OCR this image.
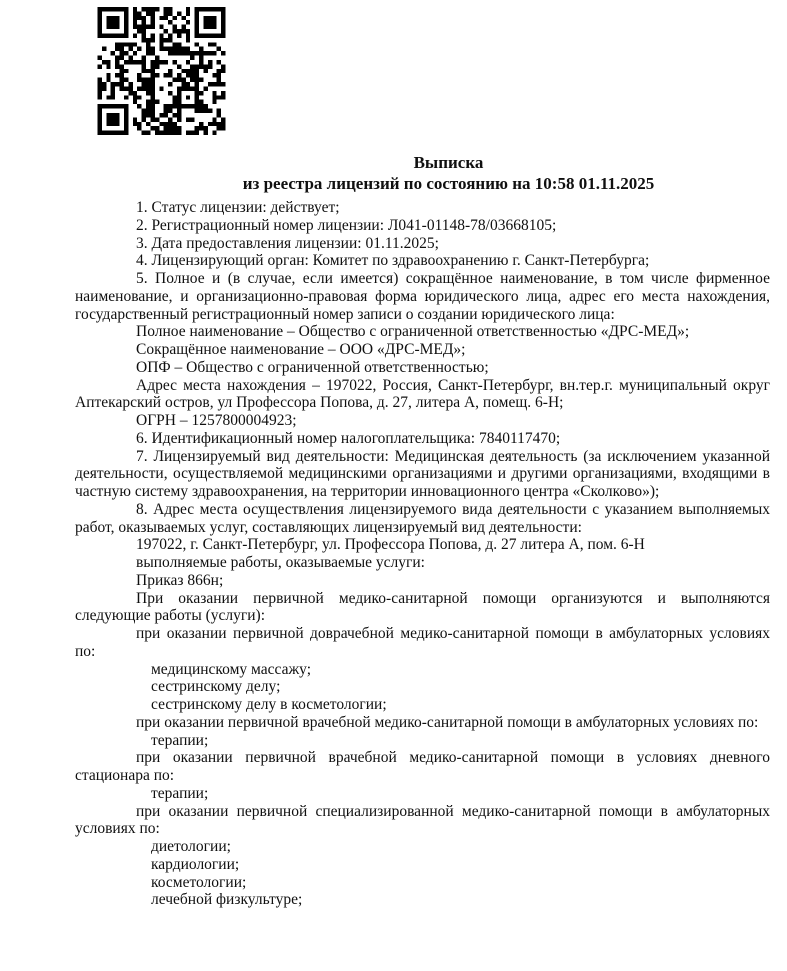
Выписка
из реестра лицензий по состоянию на 10:58 01.11.2025

1. Статус лицензии: действует;

2. Регистрационный номер лицензии: Л041-01148-78/03668105;

3. Дата предоставления лицензии: 01.11.2025;

4. Лицензирующий орган: Комитет по здравоохранению г. Санкт-Петербурга;

5. Полное и (в случае, если имеется) сокращённое наименование, в том числе фирменное наименование, и организационно-правовая форма юридического лица, адрес его места нахождения, государственный регистрационный номер записи о создании юридического лица:

Полное наименование – Общество с ограниченной ответственностью «ДРС-МЕД»;

Сокращённое наименование – ООО «ДРС-МЕД»;

ОПФ – Общество с ограниченной ответственностью;

Адрес места нахождения – 197022, Россия, Санкт-Петербург, вн.тер.г. муниципальный округ Аптекарский остров, ул Профессора Попова, д. 27, литера А, помещ. 6-Н;

ОГРН – 1257800004923;

6. Идентификационный номер налогоплательщика: 7840117470;

7. Лицензируемый вид деятельности: Медицинская деятельность (за исключением указанной деятельности, осуществляемой медицинскими организациями и другими организациями, входящими в частную систему здравоохранения, на территории инновационного центра «Сколково»);

8. Адрес места осуществления лицензируемого вида деятельности с указанием выполняемых работ, оказываемых услуг, составляющих лицензируемый вид деятельности:

197022, г. Санкт-Петербург, ул. Профессора Попова, д. 27 литера А, пом. 6-Н

выполняемые работы, оказываемые услуги:

Приказ 866н;

При оказании первичной медико-санитарной помощи организуются и выполняются следующие работы (услуги):

при оказании первичной доврачебной медико-санитарной помощи в амбулаторных условиях по:

медицинскому массажу;

сестринскому делу;

сестринскому делу в косметологии;

при оказании первичной врачебной медико-санитарной помощи в амбулаторных условиях по:

терапии;

при оказании первичной врачебной медико-санитарной помощи в условиях дневного стационара по:

терапии;

при оказании первичной специализированной медико-санитарной помощи в амбулаторных условиях по:

диетологии;

кардиологии;

косметологии;

лечебной физкультуре;
